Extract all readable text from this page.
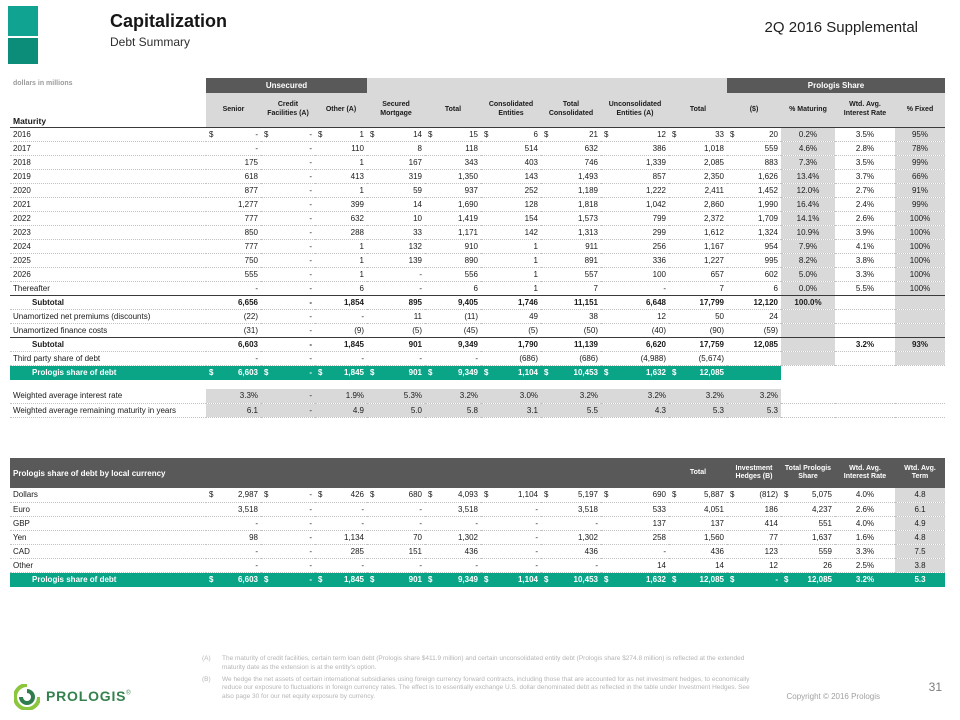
Capitalization
Debt Summary
2Q 2016 Supplemental
dollars in millions
Maturity	Unsecured									Prologis Share			
	Senior	Credit Facilities (A)	Other (A)	Secured Mortgage	Total	Consolidated Entities	Total Consolidated	Unconsolidated Entities (A)	Total	($)	% Maturing	Wtd. Avg. Interest Rate	% Fixed
2016	$ -	$ -	$ 1	$ 14	$ 15	$ 6	$ 21	$ 12	$ 33	$ 20	0.2%	3.5%	95%
2017	-	-	110	8	118	514	632	386	1,018	559	4.6%	2.8%	78%
2018	175	-	1	167	343	403	746	1,339	2,085	883	7.3%	3.5%	99%
2019	618	-	413	319	1,350	143	1,493	857	2,350	1,626	13.4%	3.7%	66%
2020	877	-	1	59	937	252	1,189	1,222	2,411	1,452	12.0%	2.7%	91%
2021	1,277	-	399	14	1,690	128	1,818	1,042	2,860	1,990	16.4%	2.4%	99%
2022	777	-	632	10	1,419	154	1,573	799	2,372	1,709	14.1%	2.6%	100%
2023	850	-	288	33	1,171	142	1,313	299	1,612	1,324	10.9%	3.9%	100%
2024	777	-	1	132	910	1	911	256	1,167	954	7.9%	4.1%	100%
2025	750	-	1	139	890	1	891	336	1,227	995	8.2%	3.8%	100%
2026	555	-	1	-	556	1	557	100	657	602	5.0%	3.3%	100%
Thereafter	-	-	6	-	6	1	7	-	7	6	0.0%	5.5%	100%
Subtotal	6,656	-	1,854	895	9,405	1,746	11,151	6,648	17,799	12,120	100.0%		
Unamortized net premiums (discounts)	(22)	-	-	11	(11)	49	38	12	50	24			
Unamortized finance costs	(31)	-	(9)	(5)	(45)	(5)	(50)	(40)	(90)	(59)			
Subtotal	6,603	-	1,845	901	9,349	1,790	11,139	6,620	17,759	12,085		3.2%	93%
Third party share of debt	-	-	-	-	-	(686)	(686)	(4,988)	(5,674)				
Prologis share of debt	$ 6,603	$ -	$ 1,845	$ 901	$ 9,349	$ 1,104	$ 10,453	$ 1,632	$ 12,085				

Weighted average interest rate	3.3%	-	1.9%	5.3%	3.2%	3.0%	3.2%	3.2%	3.2%	3.2%			
Weighted average remaining maturity in years	6.1	-	4.9	5.0	5.8	3.1	5.5	4.3	5.3	5.3			
Prologis share of debt by local currency									Total	Investment Hedges (B)	Total Prologis Share	Wtd. Avg. Interest Rate	Wtd. Avg. Term
Dollars	$ 2,987	$ -	$ 426	$ 680	$ 4,093	$ 1,104	$ 5,197	$ 690	$ 5,887	$ (812)	$ 5,075	4.0%	4.8
Euro	3,518	-	-	-	3,518	-	3,518	533	4,051	186	4,237	2.6%	6.1
GBP	-	-	-	-	-	-	-	137	137	414	551	4.0%	4.9
Yen	98	-	1,134	70	1,302	-	1,302	258	1,560	77	1,637	1.6%	4.8
CAD	-	-	285	151	436	-	436	-	436	123	559	3.3%	7.5
Other	-	-	-	-	-	-	-	14	14	12	26	2.5%	3.8
Prologis share of debt	$ 6,603	$ -	$ 1,845	$ 901	$ 9,349	$ 1,104	$ 10,453	$ 1,632	$ 12,085	$ -	$ 12,085	3.2%	5.3
(A)	The maturity of credit facilities, certain term loan debt (Prologis share $411.9 million) and certain unconsolidated entity debt (Prologis share $274.8 million) is reflected at the extended maturity date as the extension is at the entity's option.
(B)	We hedge the net assets of certain international subsidiaries using foreign currency forward contracts, including those that are accounted for as net investment hedges, to economically reduce our exposure to fluctuations in foreign currency rates. The effect is to essentially exchange U.S. dollar denominated debt as reflected in the table under Investment Hedges. See also page 30 for our net equity exposure by currency.
PROLOGIS®	Copyright © 2016 Prologis
31
